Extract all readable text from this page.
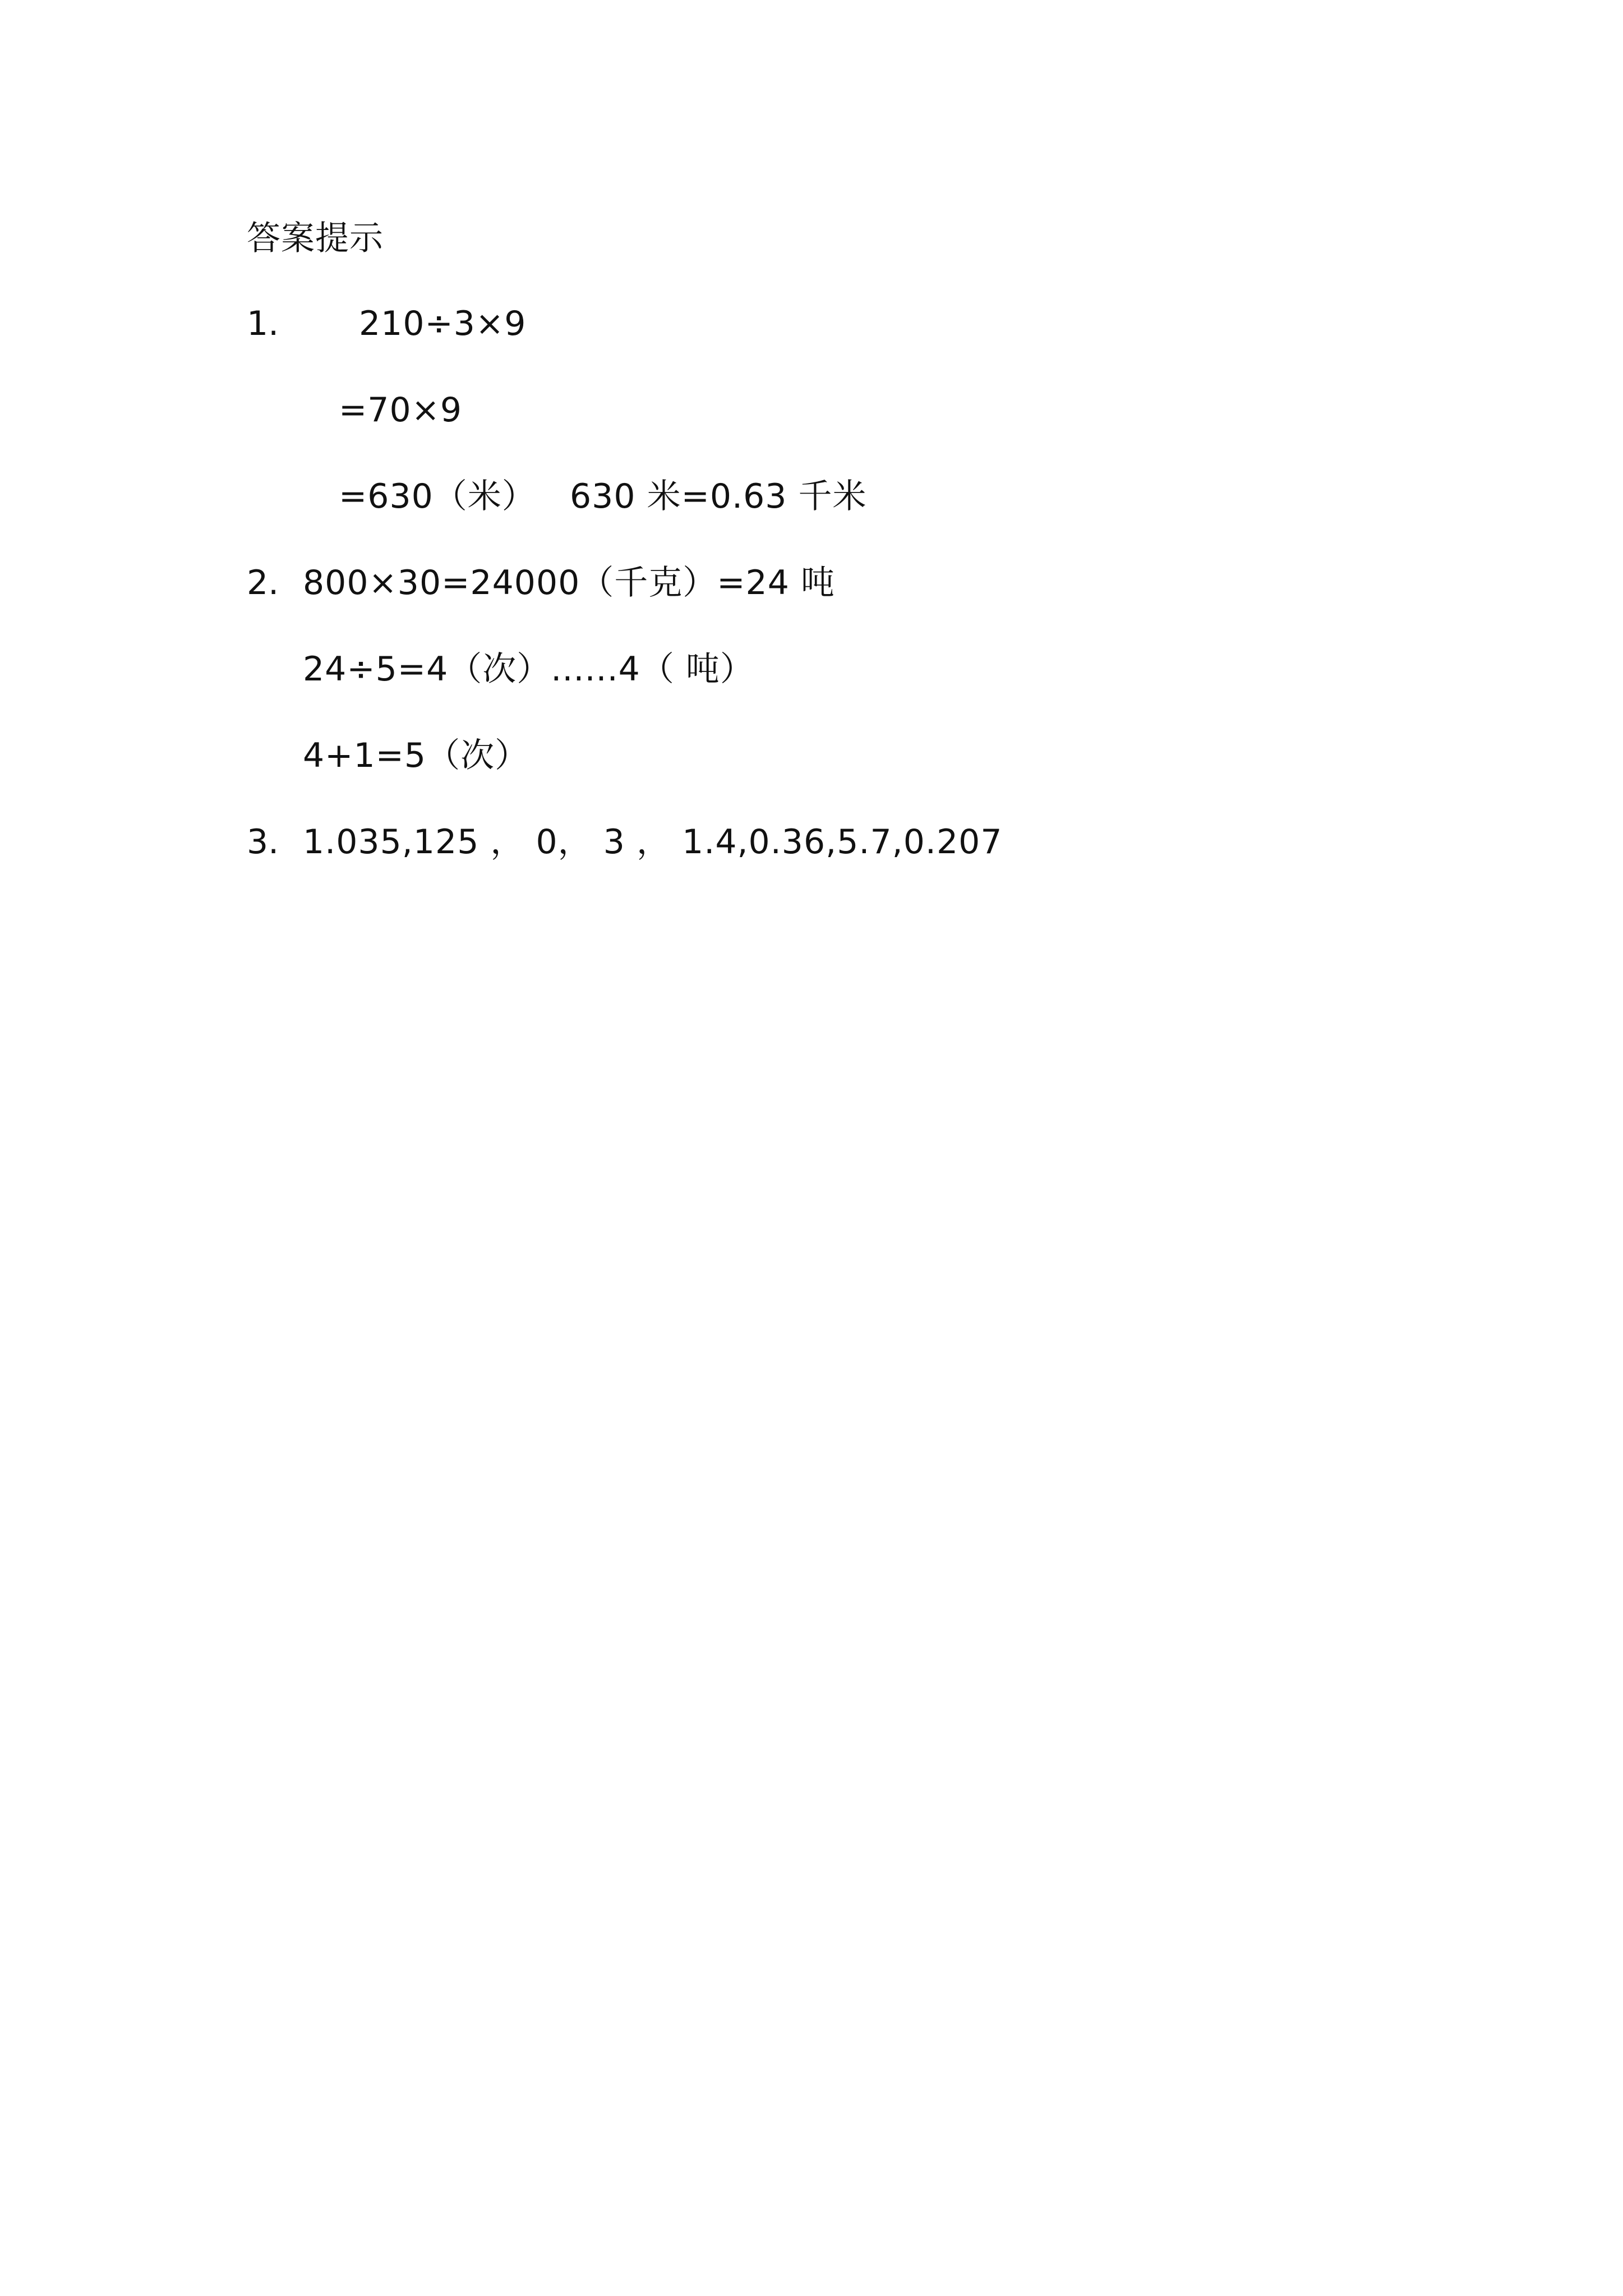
答案提示
1. 210÷3×9
=70×9
=630（米）   630 米=0.63 千米
2. 800×30=24000（千克）=24 吨
24÷5=4（次）......4（ 吨）
4+1=5（次）
3. 1.035,125 ， 0， 3 ， 1.4,0.36,5.7,0.207
